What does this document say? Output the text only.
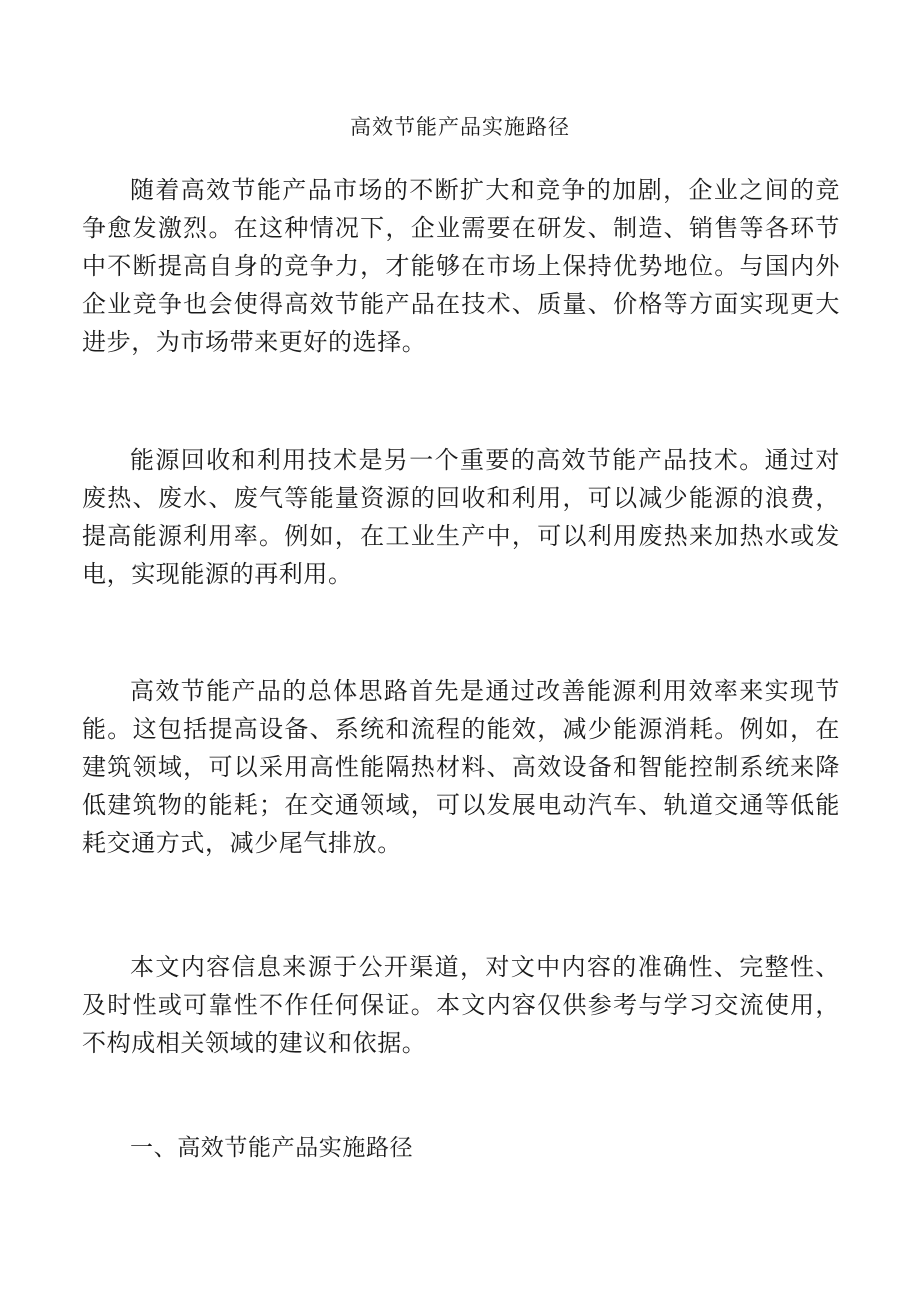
高效节能产品实施路径

随着高效节能产品市场的不断扩大和竞争的加剧，企业之间的竞争愈发激烈。在这种情况下，企业需要在研发、制造、销售等各环节中不断提高自身的竞争力，才能够在市场上保持优势地位。与国内外企业竞争也会使得高效节能产品在技术、质量、价格等方面实现更大进步，为市场带来更好的选择。

能源回收和利用技术是另一个重要的高效节能产品技术。通过对废热、废水、废气等能量资源的回收和利用，可以减少能源的浪费，提高能源利用率。例如，在工业生产中，可以利用废热来加热水或发电，实现能源的再利用。

高效节能产品的总体思路首先是通过改善能源利用效率来实现节能。这包括提高设备、系统和流程的能效，减少能源消耗。例如，在建筑领域，可以采用高性能隔热材料、高效设备和智能控制系统来降低建筑物的能耗；在交通领域，可以发展电动汽车、轨道交通等低能耗交通方式，减少尾气排放。

本文内容信息来源于公开渠道，对文中内容的准确性、完整性、及时性或可靠性不作任何保证。本文内容仅供参考与学习交流使用，不构成相关领域的建议和依据。

一、高效节能产品实施路径
